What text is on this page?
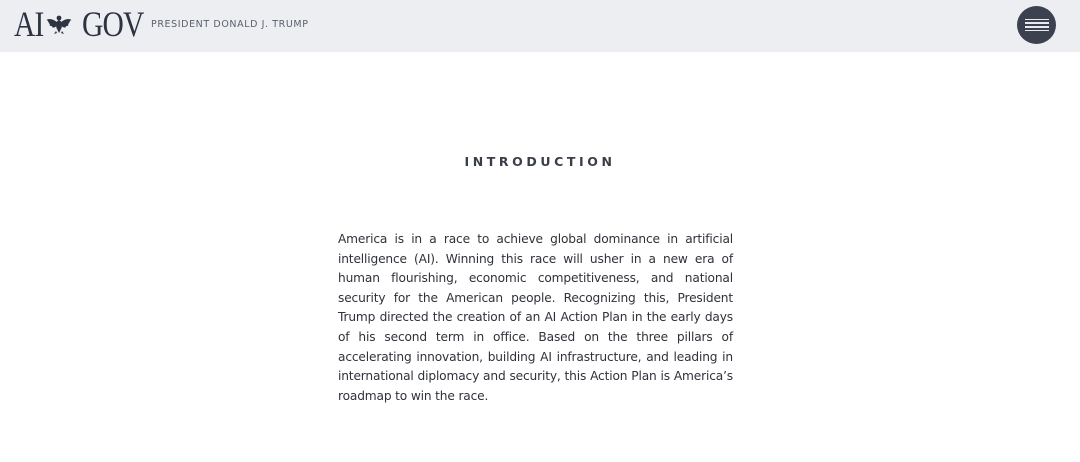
AI GOV PRESIDENT DONALD J. TRUMP
INTRODUCTION

America is in a race to achieve global dominance in artificial intelligence (AI). Winning this race will usher in a new era of human flourishing, economic competitiveness, and national security for the American people. Recognizing this, President Trump directed the creation of an AI Action Plan in the early days of his second term in office. Based on the three pillars of accelerating innovation, building AI infrastructure, and leading in international diplomacy and security, this Action Plan is America’s roadmap to win the race.
